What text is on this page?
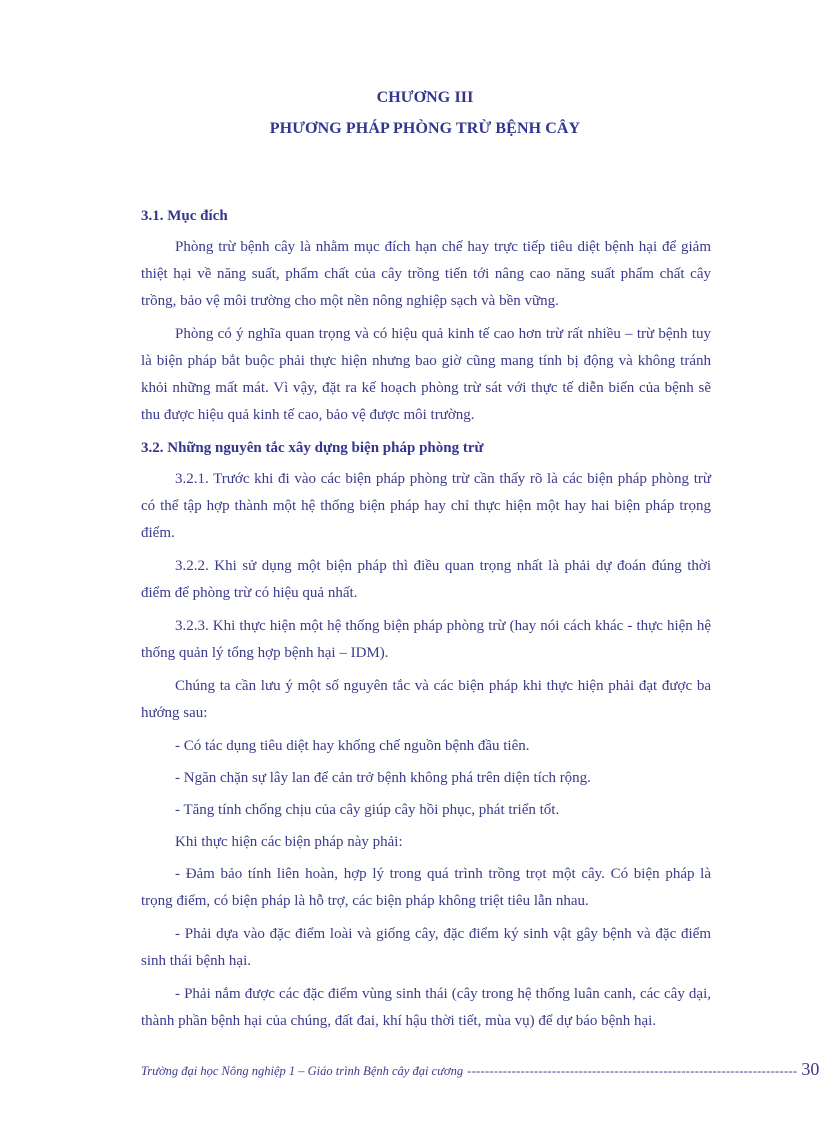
CHƯƠNG III
PHƯƠNG PHÁP PHÒNG TRỪ BỆNH CÂY
3.1. Mục đích

Phòng trừ bệnh cây là nhằm mục đích hạn chế hay trực tiếp tiêu diệt bệnh hại để giảm thiệt hại về năng suất, phẩm chất của cây trồng tiến tới nâng cao năng suất phẩm chất cây trồng, bảo vệ môi trường cho một nền nông nghiệp sạch và bền vững.

Phòng có ý nghĩa quan trọng và có hiệu quả kinh tế cao hơn trừ rất nhiều – trừ bệnh tuy là biện pháp bắt buộc phải thực hiện nhưng bao giờ cũng mang tính bị động và không tránh khỏi những mất mát. Vì vậy, đặt ra kế hoạch phòng trừ sát với thực tế diễn biến của bệnh sẽ thu được hiệu quả kinh tế cao, bảo vệ được môi trường.

3.2. Những nguyên tắc xây dựng biện pháp phòng trừ

3.2.1. Trước khi đi vào các biện pháp phòng trừ cần thấy rõ là các biện pháp phòng trừ có thể tập hợp thành một hệ thống biện pháp hay chỉ thực hiện một hay hai biện pháp trọng điểm.

3.2.2. Khi sử dụng một biện pháp thì điều quan trọng nhất là phải dự đoán đúng thời điểm để phòng trừ có hiệu quả nhất.

3.2.3. Khi thực hiện một hệ thống biện pháp phòng trừ (hay nói cách khác - thực hiện hệ thống quản lý tổng hợp bệnh hại – IDM).

Chúng ta cần lưu ý một số nguyên tắc và các biện pháp khi thực hiện phải đạt được ba hướng sau:

- Có tác dụng tiêu diệt hay khống chế nguồn bệnh đầu tiên.

- Ngăn chặn sự lây lan để cản trở bệnh không phá trên diện tích rộng.

- Tăng tính chống chịu của cây giúp cây hồi phục, phát triển tốt.

Khi thực hiện các biện pháp này phải:

- Đảm bảo tính liên hoàn, hợp lý trong quá trình trồng trọt một cây. Có biện pháp là trọng điểm, có biện pháp là hỗ trợ, các biện pháp không triệt tiêu lẫn nhau.

- Phải dựa vào đặc điểm loài và giống cây, đặc điểm ký sinh vật gây bệnh và đặc điểm sinh thái bệnh hại.

- Phải nắm được các đặc điểm vùng sinh thái (cây trong hệ thống luân canh, các cây dại, thành phần bệnh hại của chúng, đất đai, khí hậu thời tiết, mùa vụ) để dự báo bệnh hại.

Trường đại học Nông nghiệp 1 – Giáo trình Bệnh cây đại cương -------------------------------------------------------------------------- 30
